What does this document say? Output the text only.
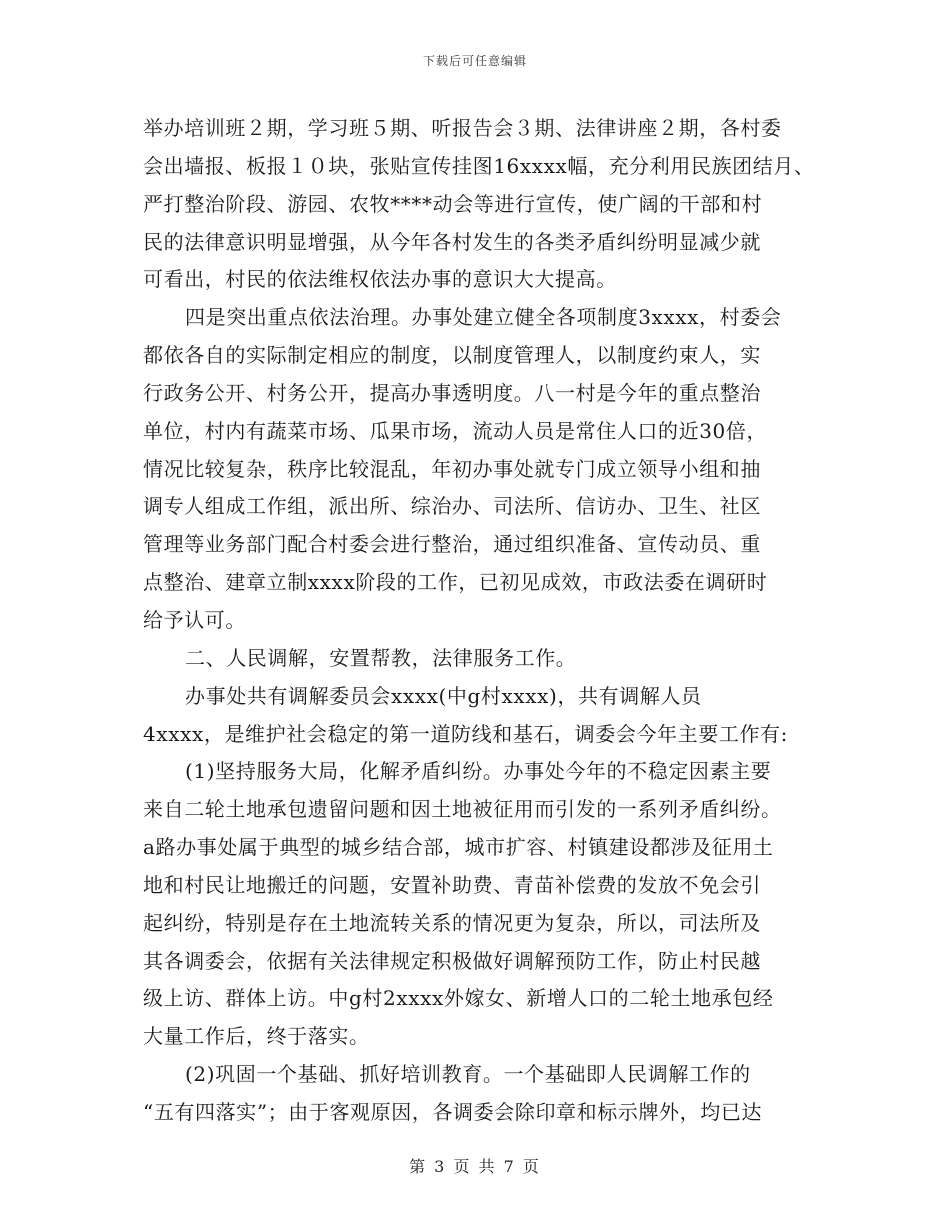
下载后可任意编辑
举办培训班２期，学习班５期、听报告会３期、法律讲座２期，各村委
会出墙报、板报１０块，张贴宣传挂图16xxxx幅，充分利用民族团结月、
严打整治阶段、游园、农牧****动会等进行宣传，使广阔的干部和村
民的法律意识明显增强，从今年各村发生的各类矛盾纠纷明显减少就
可看出，村民的依法维权依法办事的意识大大提高。
四是突出重点依法治理。办事处建立健全各项制度3xxxx，村委会
都依各自的实际制定相应的制度，以制度管理人，以制度约束人，实
行政务公开、村务公开，提高办事透明度。八一村是今年的重点整治
单位，村内有蔬菜市场、瓜果市场，流动人员是常住人口的近30倍，
情况比较复杂，秩序比较混乱，年初办事处就专门成立领导小组和抽
调专人组成工作组，派出所、综治办、司法所、信访办、卫生、社区
管理等业务部门配合村委会进行整治，通过组织准备、宣传动员、重
点整治、建章立制xxxx阶段的工作，已初见成效，市政法委在调研时
给予认可。
二、人民调解，安置帮教，法律服务工作。
办事处共有调解委员会xxxx(中g村xxxx)，共有调解人员
4xxxx，是维护社会稳定的第一道防线和基石，调委会今年主要工作有:
(1)坚持服务大局，化解矛盾纠纷。办事处今年的不稳定因素主要
来自二轮土地承包遗留问题和因土地被征用而引发的一系列矛盾纠纷。
a路办事处属于典型的城乡结合部，城市扩容、村镇建设都涉及征用土
地和村民让地搬迁的问题，安置补助费、青苗补偿费的发放不免会引
起纠纷，特别是存在土地流转关系的情况更为复杂，所以，司法所及
其各调委会，依据有关法律规定积极做好调解预防工作，防止村民越
级上访、群体上访。中g村2xxxx外嫁女、新增人口的二轮土地承包经
大量工作后，终于落实。
(2)巩固一个基础、抓好培训教育。一个基础即人民调解工作的
“五有四落实”；由于客观原因，各调委会除印章和标示牌外，均已达
第 3 页 共 7 页
